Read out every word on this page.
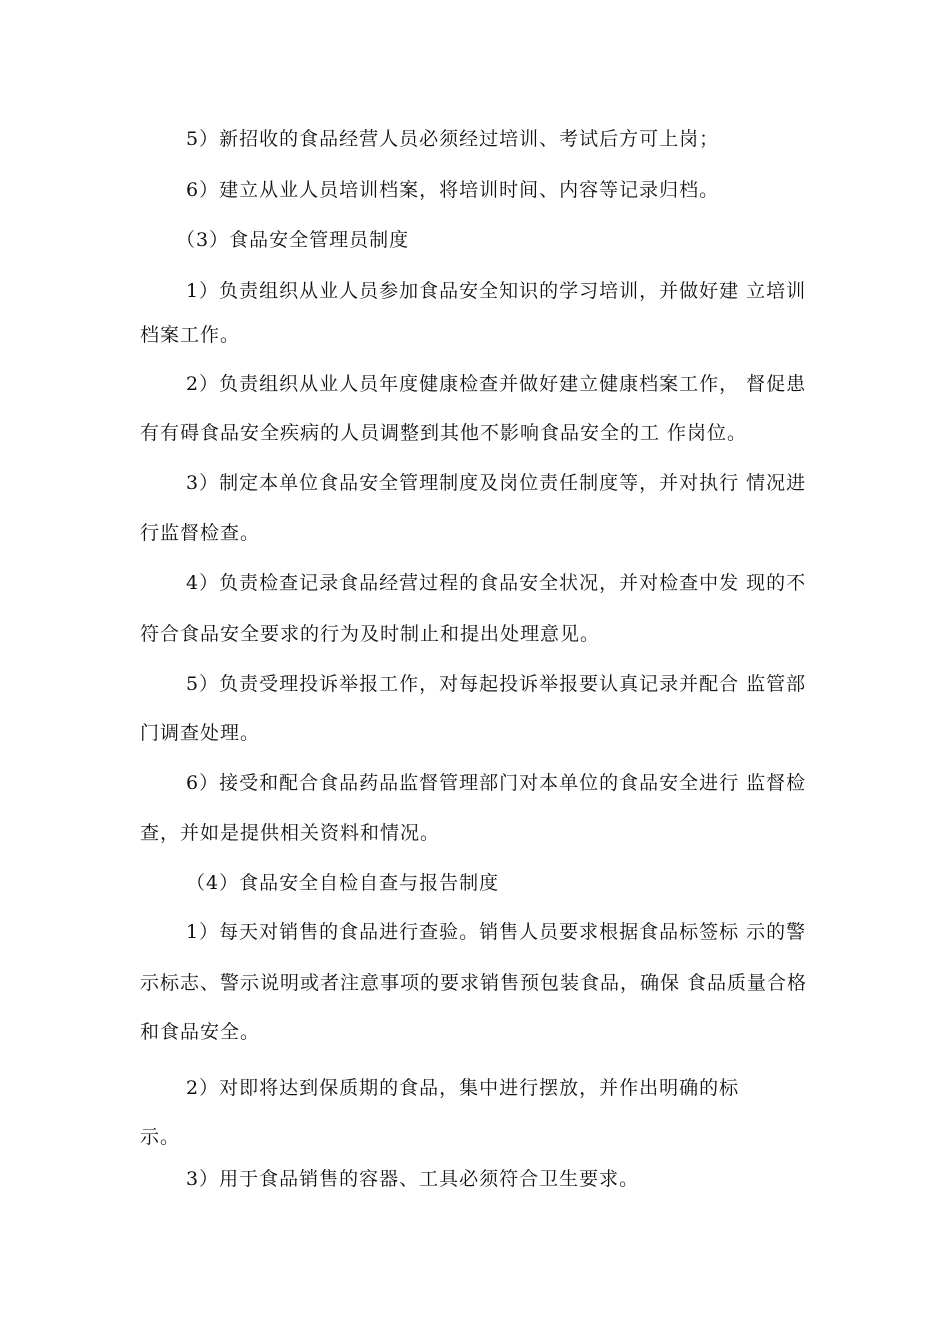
5）新招收的食品经营人员必须经过培训、考试后方可上岗；
6）建立从业人员培训档案，将培训时间、内容等记录归档。
（3）食品安全管理员制度
1）负责组织从业人员参加食品安全知识的学习培训，并做好建 立培训
档案工作。
2）负责组织从业人员年度健康检查并做好建立健康档案工作， 督促患
有有碍食品安全疾病的人员调整到其他不影响食品安全的工 作岗位。
3）制定本单位食品安全管理制度及岗位责任制度等，并对执行 情况进
行监督检查。
4）负责检查记录食品经营过程的食品安全状况，并对检查中发 现的不
符合食品安全要求的行为及时制止和提出处理意见。
5）负责受理投诉举报工作，对每起投诉举报要认真记录并配合 监管部
门调查处理。
6）接受和配合食品药品监督管理部门对本单位的食品安全进行 监督检
查，并如是提供相关资料和情况。
（4）食品安全自检自查与报告制度
1）每天对销售的食品进行查验。销售人员要求根据食品标签标 示的警
示标志、警示说明或者注意事项的要求销售预包装食品，确保 食品质量合格
和食品安全。
2）对即将达到保质期的食品，集中进行摆放，并作出明确的标
示。
3）用于食品销售的容器、工具必须符合卫生要求。
